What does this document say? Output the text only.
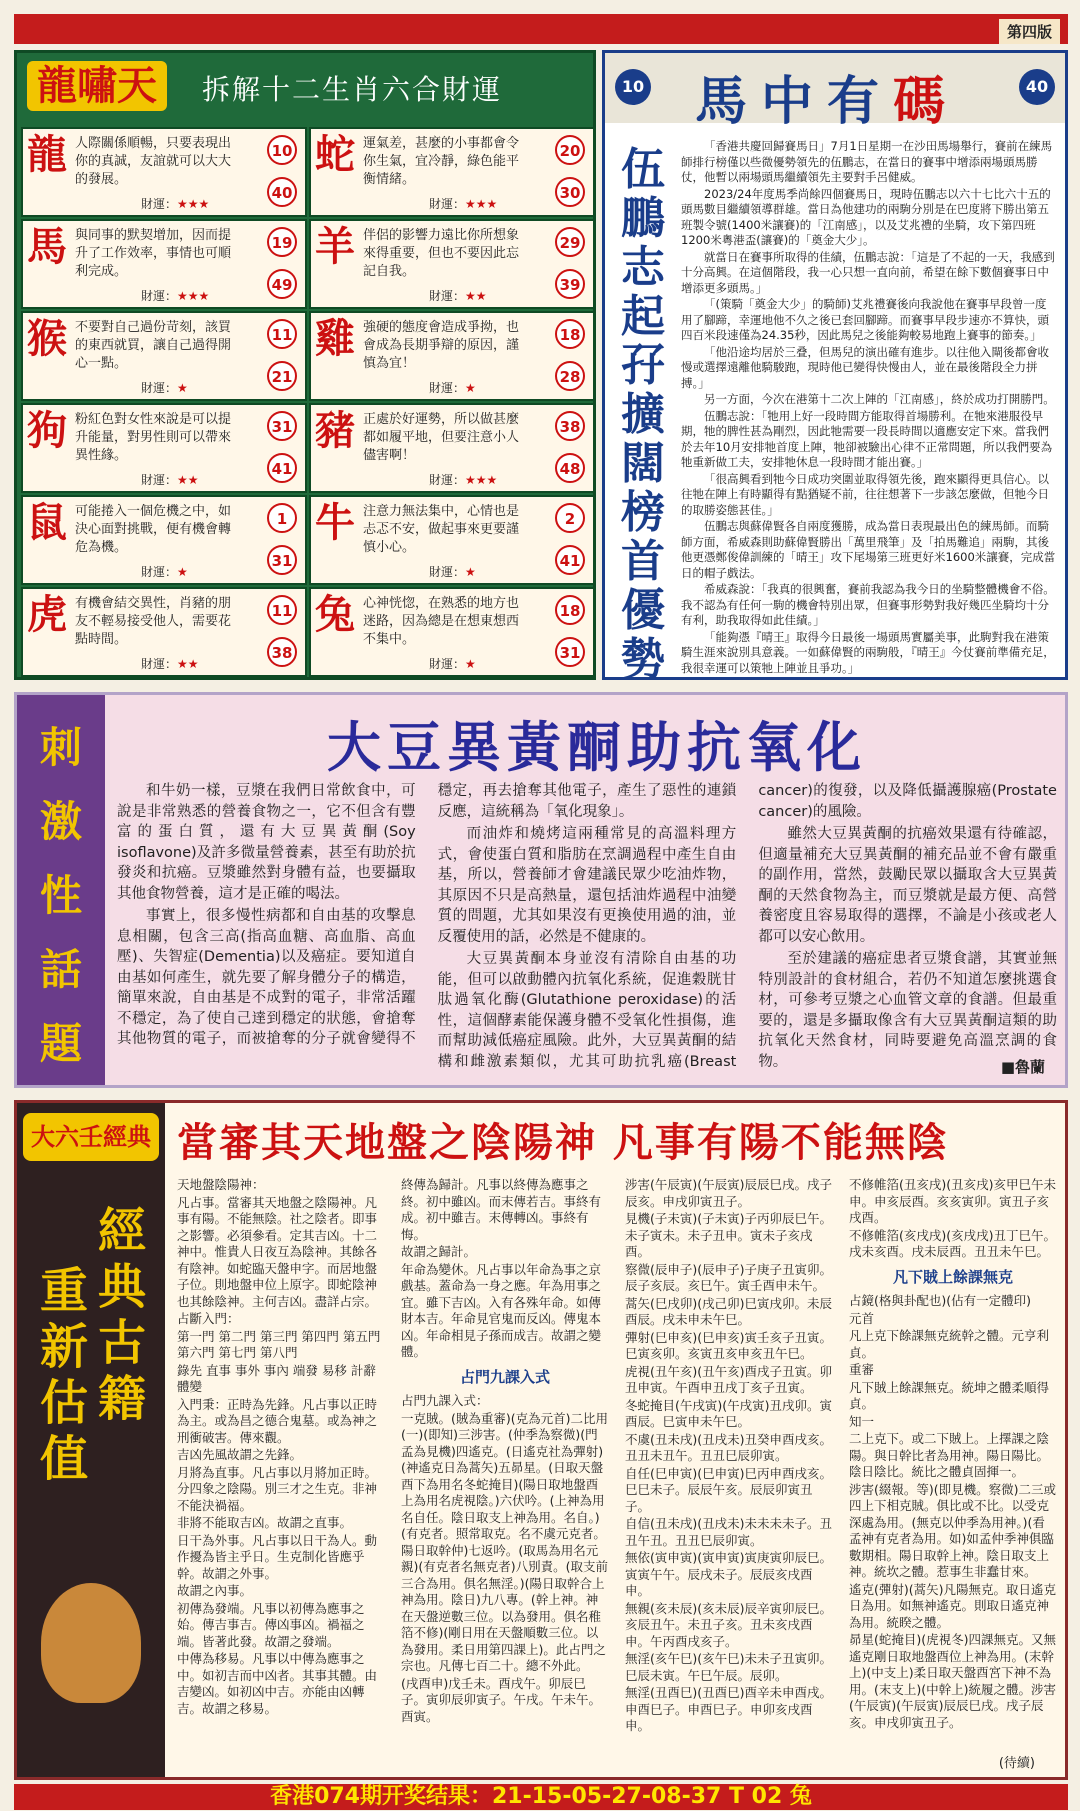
第四版
龍嘯天	拆解十二生肖六合財運
龍 人際關係順暢，只要表現出你的真誠，友誼就可以大大的發展。
財運：★★★
10
40
蛇 運氣差，甚麼的小事都會令你生氣，宜冷靜，綠色能平衡情緒。
財運：★★★
20
30
馬 與同事的默契增加，因而提升了工作效率，事情也可順利完成。
財運：★★★
19
49
羊 伴侶的影響力遠比你所想象來得重要，但也不要因此忘記自我。
財運：★★
29
39
猴 不要對自己過份苛刻，該買的東西就買，讓自己過得開心一點。
財運：★
11
21
雞 強硬的態度會造成爭拗，也會成為長期爭辯的原因，謹慎為宜！
財運：★
18
28
狗 粉紅色對女性來說是可以提升能量，對男性則可以帶來異性緣。
財運：★★
31
41
豬 正處於好運勢，所以做甚麼都如履平地，但要注意小人儘害啊！
財運：★★★
38
48
鼠 可能捲入一個危機之中，如決心面對挑戰，便有機會轉危為機。
財運：★
1
31
牛 注意力無法集中，心情也是忐忑不安，做起事來更要謹慎小心。
財運：★
2
41
虎 有機會結交異性，肖豬的朋友不輕易接受他人，需要花點時間。
財運：★★
11
38
兔 心神恍惚，在熟悉的地方也迷路，因為總是在想東想西不集中。
財運：★
18
31
10 馬中有碼	40
伍鵬志起孖擴闊榜首優勢

「香港共慶回歸賽馬日」7月1日星期一在沙田馬場舉行，賽前在練馬師排行榜僅以些微優勢領先的伍鵬志，在當日的賽事中增添兩場頭馬勝仗，他暫以兩場頭馬繼續領先主要對手呂健威。

2023/24年度馬季尚餘四個賽馬日，現時伍鵬志以六十七比六十五的頭馬數目繼續領導群雄。當日為他建功的兩駒分別是在巴度將下勝出第五班製令號(1400米讓賽)的「江南感」，以及艾兆禮的坐騎，攻下第四班1200米粵港盃(讓賽)的「奠金大少」。

就當日在賽事所取得的佳績，伍鵬志說：「這是了不起的一天，我感到十分高興。在這個階段，我一心只想一直向前，希望在餘下數個賽事日中增添更多頭馬。」

「(策騎「奠金大少」的騎師)艾兆禮賽後向我說他在賽事早段曾一度用了腳蹄，幸運地他不久之後已套回腳蹄。而賽事早段步速亦不算快，頭四百米段速僅為24.35秒，因此馬兒之後能夠較易地跑上賽事的節奏。」

「他沿途均居於三叠，但馬兒的演出確有進步。以往他入閘後都會收慢或選擇遠離他騎駿跑，現時他已變得快慢由人，並在最後階段全力拼搏。」

另一方面，今次在港第十二次上陣的「江南感」，終於成功打開勝門。

伍鵬志說：「牠用上好一段時間方能取得首場勝利。在牠來港服役早期，牠的脾性甚為剛烈，因此牠需要一段長時間以適應安定下來。當我們於去年10月安排牠首度上陣，牠卻被驗出心律不正常問題，所以我們要為牠重新做工夫，安排牠休息一段時間才能出賽。」

「很高興看到牠今日成功突圍並取得領先後，跑來顯得更具信心。以往牠在陣上有時顯得有點猶疑不前，往往想著下一步該怎麼做，但牠今日的取勝姿態甚佳。」

伍鵬志與蘇偉賢各自兩度獲勝，成為當日表現最出色的練馬師。而騎師方面，希威森則助蘇偉賢勝出「萬里飛筆」及「拍馬難追」兩駒，其後他更憑鄭俊偉訓練的「晴王」攻下尾場第三班更好米1600米讓賽，完成當日的帽子戲法。

希威森說：「我真的很興奮，賽前我認為我今日的坐騎整體機會不俗。我不認為有任何一駒的機會特別出眾，但賽事形勢對我好幾匹坐騎均十分有利，助我取得如此佳績。」

「能夠憑『晴王』取得今日最後一場頭馬實屬美事，此駒對我在港策騎生涯來說別具意義。一如蘇偉賢的兩駒般，『晴王』今仗賽前準備充足，我很幸運可以策牠上陣並且爭功。」

刺
激
性
話
題
大豆異黃酮助抗氧化

和牛奶一樣，豆漿在我們日常飲食中，可說是非常熟悉的營養食物之一，它不但含有豐富的蛋白質，還有大豆異黃酮(Soy isoflavone)及許多微量營養素，甚至有助於抗發炎和抗癌。豆漿雖然對身體有益，也要攝取其他食物營養，這才是正確的喝法。

事實上，很多慢性病都和自由基的攻擊息息相關，包含三高(指高血糖、高血脂、高血壓)、失智症(Dementia)以及癌症。要知道自由基如何產生，就先要了解身體分子的構造，簡單來說，自由基是不成對的電子，非常活躍不穩定，為了使自己達到穩定的狀態，會搶奪其他物質的電子，而被搶奪的分子就會變得不穩定，再去搶奪其他電子，產生了惡性的連鎖反應，這統稱為「氧化現象」。

而油炸和燒烤這兩種常見的高溫料理方式，會使蛋白質和脂肪在烹調過程中產生自由基，所以，營養師才會建議民眾少吃油炸物，其原因不只是高熱量，還包括油炸過程中油變質的問題，尤其如果沒有更換使用過的油，並反覆使用的話，必然是不健康的。

大豆異黃酮本身並沒有清除自由基的功能，但可以啟動體內抗氧化系統，促進穀胱甘肽過氧化酶(Glutathione peroxidase)的活性，這個酵素能保護身體不受氧化性損傷，進而幫助減低癌症風險。此外，大豆異黃酮的結構和雌激素類似，尤其可助抗乳癌(Breast cancer)的復發，以及降低攝護腺癌(Prostate cancer)的風險。

雖然大豆異黃酮的抗癌效果還有待確認，但適量補充大豆異黃酮的補充品並不會有嚴重的副作用，當然，鼓勵民眾以攝取含大豆異黃酮的天然食物為主，而豆漿就是最方便、高營養密度且容易取得的選擇，不論是小孩或老人都可以安心飲用。

至於建議的癌症患者豆漿食譜，其實並無特別設計的食材組合，若仍不知道怎麼挑選食材，可參考豆漿之心血管文章的食譜。但最重要的，還是多攝取像含有大豆異黃酮這類的助抗氧化天然食材，同時要避免高溫烹調的食物。	■魯蘭
大六壬經典
經典古籍
重新估值
當審其天地盤之陰陽神 凡事有陽不能無陰

天地盤陰陽神：

凡占事。當審其天地盤之陰陽神。凡事有陽。不能無陰。社之陰者。即事之影響。必須參看。定其吉凶。十二神中。惟貴人日夜互為陰神。其餘各有陰神。如蛇臨天盤申字。而居地盤子位。則地盤申位上原字。即蛇陰神也其餘陰神。主何吉凶。盡詳占宗。

占斷入門：

第一門 第二門 第三門 第四門 第五門 第六門 第七門 第八門

錄先 直事 事外 事內 端發 易移 計辭 體變

入門秉：正時為先鋒。凡占事以正時為主。或為昌之德合鬼墓。或為神之刑衝破害。傳來觀。

吉凶先風故謂之先鋒。

月將為直事。凡占事以月將加正時。分四象之陰陽。別三才之生克。非神不能決禍福。

非將不能取吉凶。故謂之直事。

日干為外事。凡占事以日干為人。動作擾為皆主乎日。生克制化皆應乎幹。故謂之外事。

故謂之內事。

初傳為發端。凡事以初傳為應事之始。傳吉事吉。傳凶事凶。禍福之端。皆著此發。故謂之發端。

中傳為移易。凡事以中傳為應事之中。如初吉而中凶者。其事其體。由吉變凶。如初凶中吉。亦能由凶轉吉。故謂之移易。

終傳為歸計。凡事以終傳為應事之終。初中雖凶。而末傳若吉。事終有成。初中雖吉。末傳轉凶。事終有悔。

故謂之歸計。

年命為變休。凡占事以年命為事之京戲基。蓋命為一身之應。年為用事之宜。雖下吉凶。入有各殊年命。如傳財本吉。年命見官鬼而反凶。傳鬼本凶。年命相見子孫而成吉。故謂之變體。

占門九課入式

占門九課入式：

一克賊。(賊為重審)(克為元首)二比用(一)(即知)三涉害。(仲季為察微)(門孟為見機)四遙克。(日遙克社為彈射)(神遙克日為蒿矢)五昴星。(日取天盤酉下為用名冬蛇掩目)(陽日取地盤酉上為用名虎視陰。)六伏吟。(上神為用名自任。陰日取支上神為用。名自。)(有克者。照常取克。名不虞元克者。陽日取幹仲)七返吟。(取馬為用名元親)(有克者名無克者)八別責。(取支前三合為用。俱名無淫。)(陽日取幹合上神為用。陰日)九八專。(幹上神。神在天盤逆數三位。以為發用。俱名稚箔不修)(剛日用在天盤順數三位。以為發用。柔日用第四課上)。此占門之宗也。凡傳七百二十。總不外此。

(戌酉申)戊壬未。酉戌午。卯辰巳子。寅卯辰卯寅子。午戌。午未午。酉寅。

涉害(午辰寅)(午辰寅)辰辰巳戌。戌子辰亥。申戌卯寅丑子。

見機(子未寅)(子未寅)子丙卯辰巳午。未子寅未。未子丑申。寅未子亥戌酉。

察微(辰申子)(辰申子)子庚子丑寅卯。辰子亥辰。亥巳午。寅壬酉申未午。

蒿矢(巳戌卯)(戌己卯)巳寅戌卯。未辰酉辰。戌未申未午巳。

彈射(巳申亥)(巳申亥)寅壬亥子丑寅。巳寅亥卯。亥寅丑亥申亥丑午巳。

虎視(丑午亥)(丑午亥)酉戌子丑寅。卯丑申寅。午酉申丑戌丁亥子丑寅。

冬蛇掩目(午戌寅)(午戌寅)丑戌卯。寅酉辰。巳寅申未午巳。

不虞(丑未戌)(丑戌未)丑癸申酉戌亥。丑丑未丑午。丑丑巳辰卯寅。

自任(巳申寅)(巳申寅)巳丙申酉戌亥。巳巳未子。辰辰午亥。辰辰卯寅丑子。

自信(丑未戌)(丑戌未)未未未未子。丑丑午丑。丑丑巳辰卯寅。

無依(寅申寅)(寅申寅)寅庚寅卯辰巳。寅寅午午。辰戌未子。辰辰亥戌酉申。

無親(亥未辰)(亥未辰)辰辛寅卯辰巳。亥辰丑午。未丑子亥。丑未亥戌酉申。午丙酉戌亥子。

無淫(亥午巳)(亥午巳)未未子丑寅卯。巳辰未寅。午巳午辰。辰卯。

無淫(丑酉巳)(丑酉巳)酉辛未申酉戌。申酉巳子。申酉巳子。申卯亥戌酉申。

不修帷箔(丑亥戌)(丑亥戌)亥甲巳午未申。申亥辰酉。亥亥寅卯。寅丑子亥戌酉。

不修帷箔(亥戌戌)(亥戌戌)丑丁巳午。戌未亥酉。戌未辰酉。丑丑未午巳。

凡下賊上餘課無克

占鏡(格與卦配也)(佔有一定體印)

元首

凡上克下餘課無克統幹之體。元亨利貞。

重審

凡下賊上餘課無克。統坤之體柔順得貞。

知一

二上克下。或二下賊上。上擇課之陰陽。與日幹比者為用神。陽日陽比。陰日陰比。統比之體貞固揮一。

涉害(綴報。等)(即見機。察微)二三或四上下相克賊。俱比或不比。以受克深處為用。(無克以仲季為用神。)(看孟神有克者為用。如)如孟仲季神俱臨數期相。陽日取幹上神。陰日取支上神。統坎之體。惹事生非蠢甘來。

遙克(彈射)(蒿矢)凡陽無克。取日遙克日為用。如無神遙克。則取日遙克神為用。統睽之體。

昴星(蛇掩目)(虎視冬)四課無克。又無遙克剛日取地盤酉位上神為用。(末幹上)(中支上)柔日取天盤酉宮下神不為用。(末支上)(中幹上)統履之體。涉害(午辰寅)(午辰寅)辰辰巳戌。戌子辰亥。申戌卯寅丑子。

(待續)
香港074期开奖结果：21-15-05-27-08-37 T 02 兔
